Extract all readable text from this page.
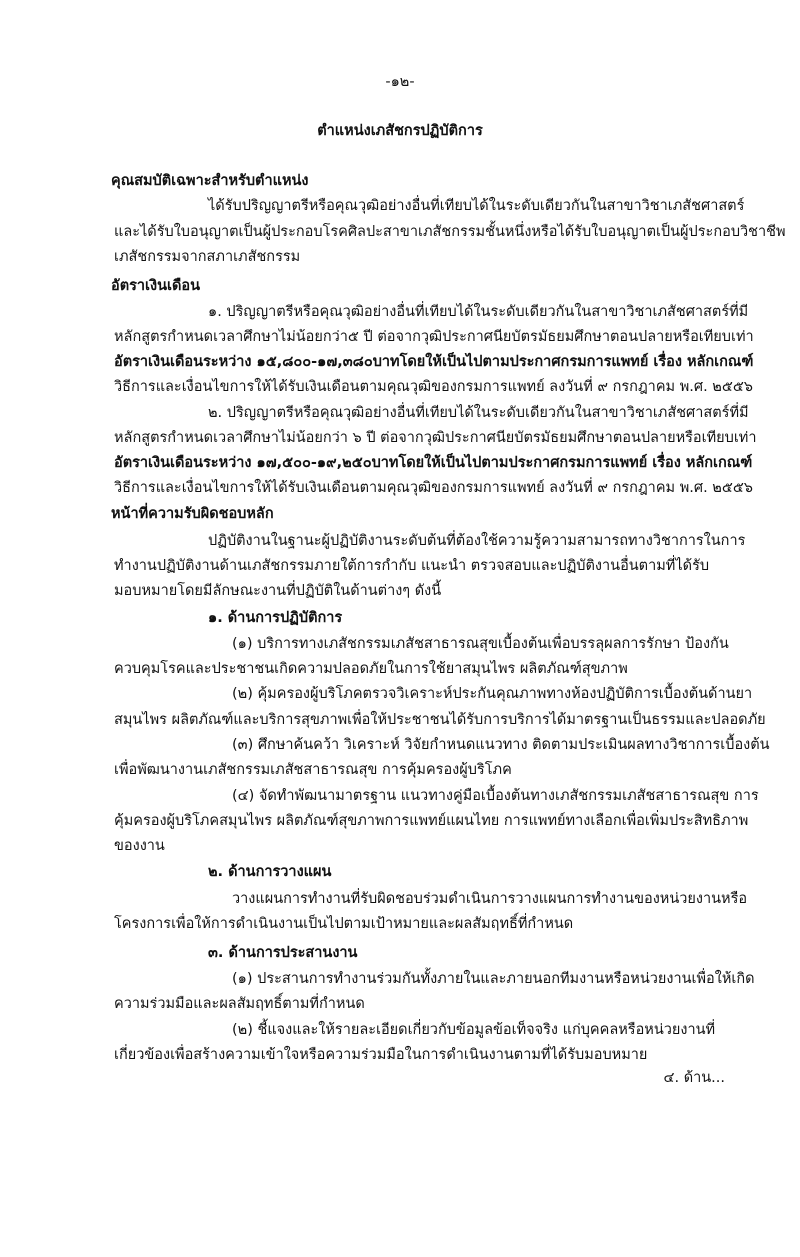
-๑๒-
ตำแหน่งเภสัชกรปฏิบัติการ
คุณสมบัติเฉพาะสำหรับตำแหน่ง
ได้รับปริญญาตรีหรือคุณวุฒิอย่างอื่นที่เทียบได้ในระดับเดียวกันในสาขาวิชาเภสัชศาสตร์
และได้รับใบอนุญาตเป็นผู้ประกอบโรคศิลปะสาขาเภสัชกรรมชั้นหนึ่งหรือได้รับใบอนุญาตเป็นผู้ประกอบวิชาชีพ
เภสัชกรรมจากสภาเภสัชกรรม
อัตราเงินเดือน
๑. ปริญญาตรีหรือคุณวุฒิอย่างอื่นที่เทียบได้ในระดับเดียวกันในสาขาวิชาเภสัชศาสตร์ที่มี
หลักสูตรกำหนดเวลาศึกษาไม่น้อยกว่า๕ ปี ต่อจากวุฒิประกาศนียบัตรมัธยมศึกษาตอนปลายหรือเทียบเท่า
อัตราเงินเดือนระหว่าง ๑๕,๘๐๐-๑๗,๓๘๐บาทโดยให้เป็นไปตามประกาศกรมการแพทย์ เรื่อง หลักเกณฑ์
วิธีการและเงื่อนไขการให้ได้รับเงินเดือนตามคุณวุฒิของกรมการแพทย์ ลงวันที่ ๙ กรกฎาคม พ.ศ. ๒๕๕๖
๒. ปริญญาตรีหรือคุณวุฒิอย่างอื่นที่เทียบได้ในระดับเดียวกันในสาขาวิชาเภสัชศาสตร์ที่มี
หลักสูตรกำหนดเวลาศึกษาไม่น้อยกว่า ๖ ปี ต่อจากวุฒิประกาศนียบัตรมัธยมศึกษาตอนปลายหรือเทียบเท่า
อัตราเงินเดือนระหว่าง ๑๗,๕๐๐-๑๙,๒๕๐บาทโดยให้เป็นไปตามประกาศกรมการแพทย์ เรื่อง หลักเกณฑ์
วิธีการและเงื่อนไขการให้ได้รับเงินเดือนตามคุณวุฒิของกรมการแพทย์ ลงวันที่ ๙ กรกฎาคม พ.ศ. ๒๕๕๖
หน้าที่ความรับผิดชอบหลัก
ปฏิบัติงานในฐานะผู้ปฏิบัติงานระดับต้นที่ต้องใช้ความรู้ความสามารถทางวิชาการในการ
ทำงานปฏิบัติงานด้านเภสัชกรรมภายใต้การกำกับ แนะนำ ตรวจสอบและปฏิบัติงานอื่นตามที่ได้รับ
มอบหมายโดยมีลักษณะงานที่ปฏิบัติในด้านต่างๆ ดังนี้
๑. ด้านการปฏิบัติการ
(๑) บริการทางเภสัชกรรมเภสัชสาธารณสุขเบื้องต้นเพื่อบรรลุผลการรักษา ป้องกัน
ควบคุมโรคและประชาชนเกิดความปลอดภัยในการใช้ยาสมุนไพร ผลิตภัณฑ์สุขภาพ
(๒) คุ้มครองผู้บริโภคตรวจวิเคราะห์ประกันคุณภาพทางห้องปฏิบัติการเบื้องต้นด้านยา
สมุนไพร ผลิตภัณฑ์และบริการสุขภาพเพื่อให้ประชาชนได้รับการบริการได้มาตรฐานเป็นธรรมและปลอดภัย
(๓) ศึกษาค้นคว้า วิเคราะห์ วิจัยกำหนดแนวทาง ติดตามประเมินผลทางวิชาการเบื้องต้น
เพื่อพัฒนางานเภสัชกรรมเภสัชสาธารณสุข การคุ้มครองผู้บริโภค
(๔) จัดทำพัฒนามาตรฐาน แนวทางคู่มือเบื้องต้นทางเภสัชกรรมเภสัชสาธารณสุข การ
คุ้มครองผู้บริโภคสมุนไพร ผลิตภัณฑ์สุขภาพการแพทย์แผนไทย การแพทย์ทางเลือกเพื่อเพิ่มประสิทธิภาพ
ของงาน
๒. ด้านการวางแผน
วางแผนการทำงานที่รับผิดชอบร่วมดำเนินการวางแผนการทำงานของหน่วยงานหรือ
โครงการเพื่อให้การดำเนินงานเป็นไปตามเป้าหมายและผลสัมฤทธิ์ที่กำหนด
๓. ด้านการประสานงาน
(๑) ประสานการทำงานร่วมกันทั้งภายในและภายนอกทีมงานหรือหน่วยงานเพื่อให้เกิด
ความร่วมมือและผลสัมฤทธิ์ตามที่กำหนด
(๒) ชี้แจงและให้รายละเอียดเกี่ยวกับข้อมูลข้อเท็จจริง แก่บุคคลหรือหน่วยงานที่
เกี่ยวข้องเพื่อสร้างความเข้าใจหรือความร่วมมือในการดำเนินงานตามที่ได้รับมอบหมาย
๔. ด้าน...
